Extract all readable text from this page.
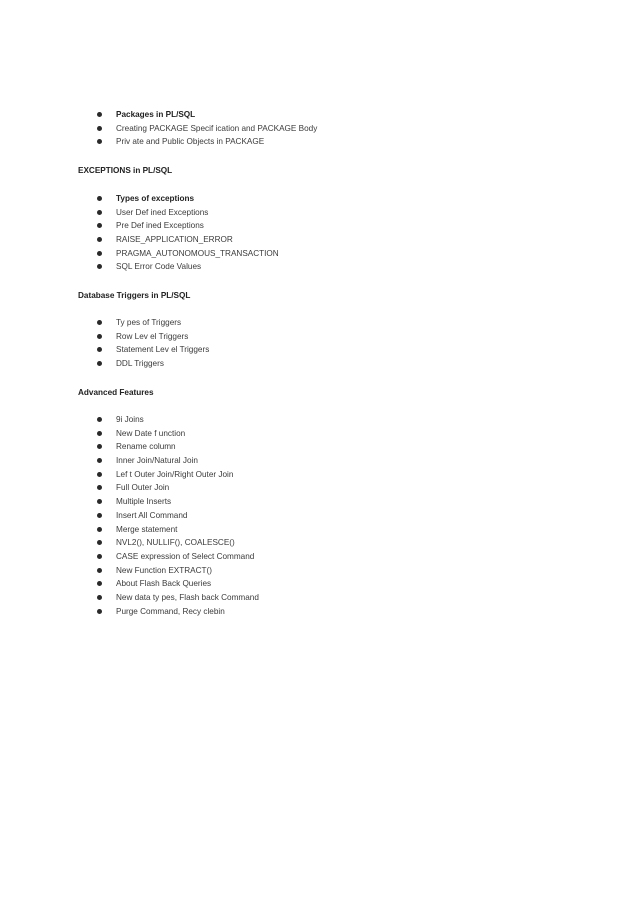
Packages in PL/SQL
Creating PACKAGE Specif ication and PACKAGE Body
Priv ate and Public Objects in PACKAGE
EXCEPTIONS in PL/SQL
Types of exceptions
User Def ined Exceptions
Pre Def ined Exceptions
RAISE_APPLICATION_ERROR
PRAGMA_AUTONOMOUS_TRANSACTION
SQL Error Code Values
Database Triggers in PL/SQL
Ty pes of Triggers
Row Lev el Triggers
Statement Lev el Triggers
DDL Triggers
Advanced Features
9i Joins
New Date f unction
Rename column
Inner Join/Natural Join
Lef t Outer Join/Right Outer Join
Full Outer Join
Multiple Inserts
Insert All Command
Merge statement
NVL2(), NULLIF(), COALESCE()
CASE expression of Select Command
New Function EXTRACT()
About Flash Back Queries
New data ty pes, Flash back Command
Purge Command, Recy clebin
